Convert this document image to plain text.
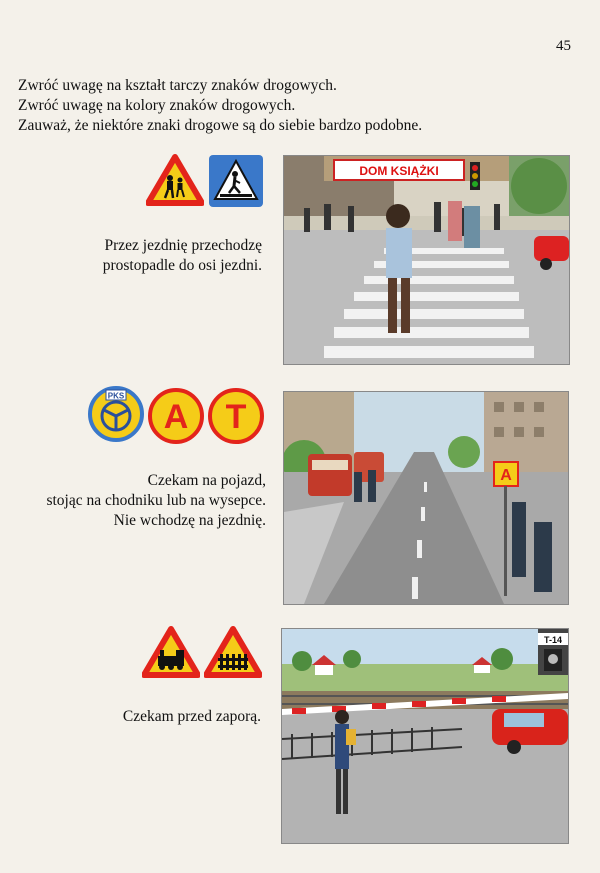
45
Zwróć uwagę na kształt tarczy znaków drogowych.
Zwróć uwagę na kolory znaków drogowych.
Zauważ, że niektóre znaki drogowe są do siebie bardzo podobne.
Przez jezdnię przechodzę
prostopadle do osi jezdni.
DOM KSIĄŻKI
PKS
A T
Czekam na pojazd,
stojąc na chodniku lub na wysepce.
Nie wchodzę na jezdnię.
A
Czekam przed zaporą.
T-14
